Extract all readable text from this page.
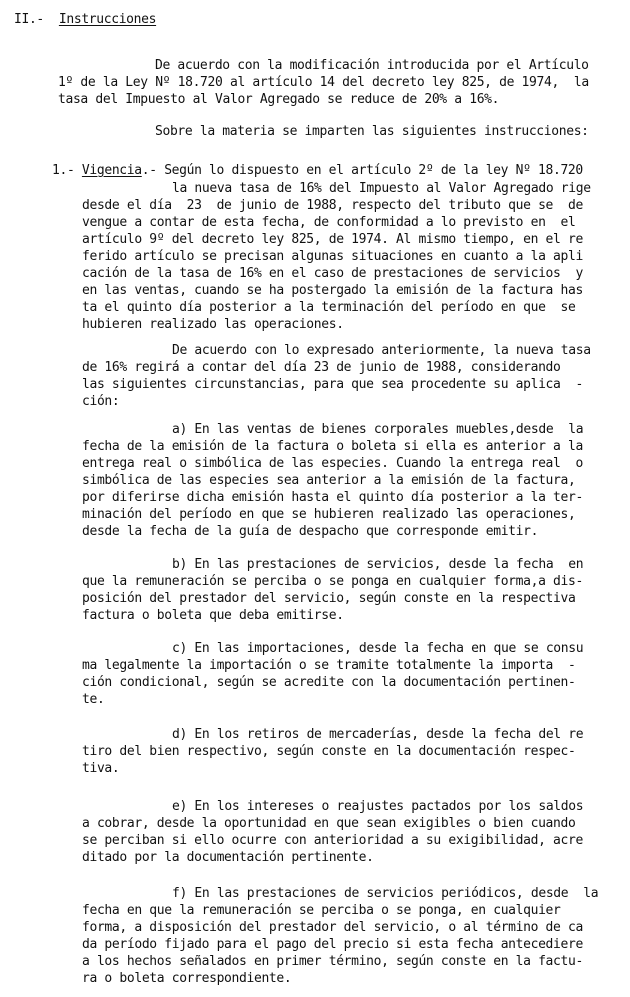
II.- Instrucciones
De acuerdo con la modificación introducida por el Artículo
1º de la Ley Nº 18.720 al artículo 14 del decreto ley 825, de 1974,  la
tasa del Impuesto al Valor Agregado se reduce de 20% a 16%.
Sobre la materia se imparten las siguientes instrucciones:
1.- Vigencia.- Según lo dispuesto en el artículo 2º de la ley Nº 18.720
la nueva tasa de 16% del Impuesto al Valor Agregado rige
desde el día  23  de junio de 1988, respecto del tributo que se  de
vengue a contar de esta fecha, de conformidad a lo previsto en  el
artículo 9º del decreto ley 825, de 1974. Al mismo tiempo, en el re
ferido artículo se precisan algunas situaciones en cuanto a la apli
cación de la tasa de 16% en el caso de prestaciones de servicios  y
en las ventas, cuando se ha postergado la emisión de la factura has
ta el quinto día posterior a la terminación del período en que  se
hubieren realizado las operaciones.
De acuerdo con lo expresado anteriormente, la nueva tasa
de 16% regirá a contar del día 23 de junio de 1988, considerando
las siguientes circunstancias, para que sea procedente su aplica  -
ción:
a) En las ventas de bienes corporales muebles,desde  la
fecha de la emisión de la factura o boleta si ella es anterior a la
entrega real o simbólica de las especies. Cuando la entrega real  o
simbólica de las especies sea anterior a la emisión de la factura,
por diferirse dicha emisión hasta el quinto día posterior a la ter-
minación del período en que se hubieren realizado las operaciones,
desde la fecha de la guía de despacho que corresponde emitir.
b) En las prestaciones de servicios, desde la fecha  en
que la remuneración se perciba o se ponga en cualquier forma,a dis-
posición del prestador del servicio, según conste en la respectiva
factura o boleta que deba emitirse.
c) En las importaciones, desde la fecha en que se consu
ma legalmente la importación o se tramite totalmente la importa  -
ción condicional, según se acredite con la documentación pertinen-
te.
d) En los retiros de mercaderías, desde la fecha del re
tiro del bien respectivo, según conste en la documentación respec-
tiva.
e) En los intereses o reajustes pactados por los saldos
a cobrar, desde la oportunidad en que sean exigibles o bien cuando
se perciban si ello ocurre con anterioridad a su exigibilidad, acre
ditado por la documentación pertinente.
f) En las prestaciones de servicios periódicos, desde  la
fecha en que la remuneración se perciba o se ponga, en cualquier
forma, a disposición del prestador del servicio, o al término de ca
da período fijado para el pago del precio si esta fecha antecediere
a los hechos señalados en primer término, según conste en la factu-
ra o boleta correspondiente.
